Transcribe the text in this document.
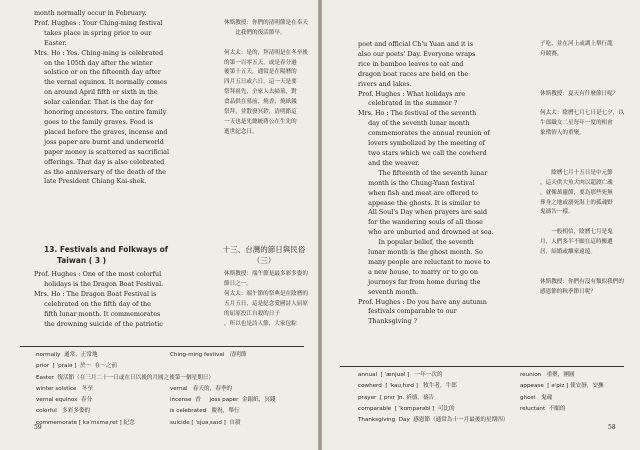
month normally occur in February.
Prof. Hughes : Your Ching-ming festival
takes place in spring prior to our
Easter.
Mrs. Ho : Yes. Ching-ming is celebrated
on the 105th day after the winter
solstice or on the fifteenth day after
the vernal equinox. It normally comes
on around April fifth or sixth in the
solar calendar. That is the day for
honoring ancestors. The entire family
goes to the family graves. Food is
placed before the graves, incense and
joss paper are burnt and underworld
paper money is scattered as sacrificial
offerings. That day is also celebrated
as the anniversary of the death of the
late President Chiang Kai-shek.

休斯教授：你們的清明節是在奉天
　　比我們的復活節早。

何太太：是的，拜清明是在冬至後
的第一百零五天，或是春分過
後第十五天，通常是在陽曆的
四月五日或六日，這一天是要
祭拜祖先，全家人去掃墓，對
食品供在墓前，燒香，燒紙銭
祭拜，並散發冥鈔，清明節這
一天也是先總統蔣公在生先的
逝世紀念日。
13. Festivals and Folkways of
Taiwan ( 3 )
十三、台灣的節日與民俗
（三）
Prof. Hughes : One of the most colorful
holidays is the Dragon Boat Festival.
Mrs. Ho : The Dragon Boat Festival is
celebrated on the fifth day of the
fifth lunar month. It commemorates
the drowning suicide of the patriotic
休斯教授：端午節是最多彩多姿的
節日之一。
何太太：端午節的祭典是在陰曆的
五月五日，這是紀念愛國詩人屈原
的屈原投江自殺的日子
，所以也是詩人節，大家包粽
normally  通常，正常地
prior  [ ˈpraiə ]  於～  在～之前
Easter  復活節（在三月二十一日或在日以後的月圓之後第一個星期日）
winter solstice   冬至
vernal equinox  春分
colorful   多彩多姿的
commemorate [ kəˈmɛməˌret ] 紀念
Ching-ming festival   清明節

vernal   春天的，春季的
incense  香     joss paper  金銀紙，冥錢
is celebrated   慶祝，舉行
suicide [ ˈsjuəˌsaɪd ]  自殺
59
poet and official Ch'u Yuan and it is
also our poets' Day. Everyone wraps
rice in bamboo leaves to eat and
dragon boat races are held on the
rivers and lakes.
Prof. Hughes : What holidays are
celebrated in the summer ?
Mrs. Ho : The festival of the seventh
day of the seventh lunar month
commemorates the annual reunion of
lovers symbolized by the meeting of
two stars which we call the cowherd
and the weaver.
The fifteenth of the seventh lunar
month is the Chung-Yuan festival
when fish and meat are offered to
appease the ghosts. It is similar to
All Soul's Day when prayers are said
for the wandering souls of all those
who are unburied and drowned at sea.
In popular belief, the seventh
lunar month is the ghost month. So
many people are reluctant to move to
a new house, to marry or to go on
journeys far from home during the
seventh month.
Prof. Hughes : Do you have any autumn
festivals comparable to our
Thanksgiving ?
子吃，並在河上或湖上舉行龍
舟競賽。

休斯教授：夏天有什麼節日呢？

何太太：陰曆七月七日是七夕，以
牛郎織女二星每年一度的相會
象徵情人的重聚。

　　陰曆七月十五日是中元節
，這天供大魚大肉以超渡亡魂
，就像萬靈節，要為那些死無
葬身之地或溺死海上的孤魂野
鬼禱告一樣。

　　一般相信，陰曆七月是鬼
月，人們多半不願在這時搬遷
居，結婚或離家遠遊。

休斯教授：你們有沒有類似我們的
感恩節的秋季節日呢？
annual  [ ˈænjuəl ]   一年一次的
cowherd  [ ˈkauˌhɝd ]   牧牛者，牛郎
prayer  [ prɛr ]n. 祈禱，禱告
comparable  [ ˈkɑmpərəbl ]  可比的
Thanksgiving  Day  感恩節（通常為十一月最後的星期四）
reunion   重聚，團圓
appease  [ əˈpiz ] 使安靜，安撫
ghost   鬼魂
reluctant  不願的
58
